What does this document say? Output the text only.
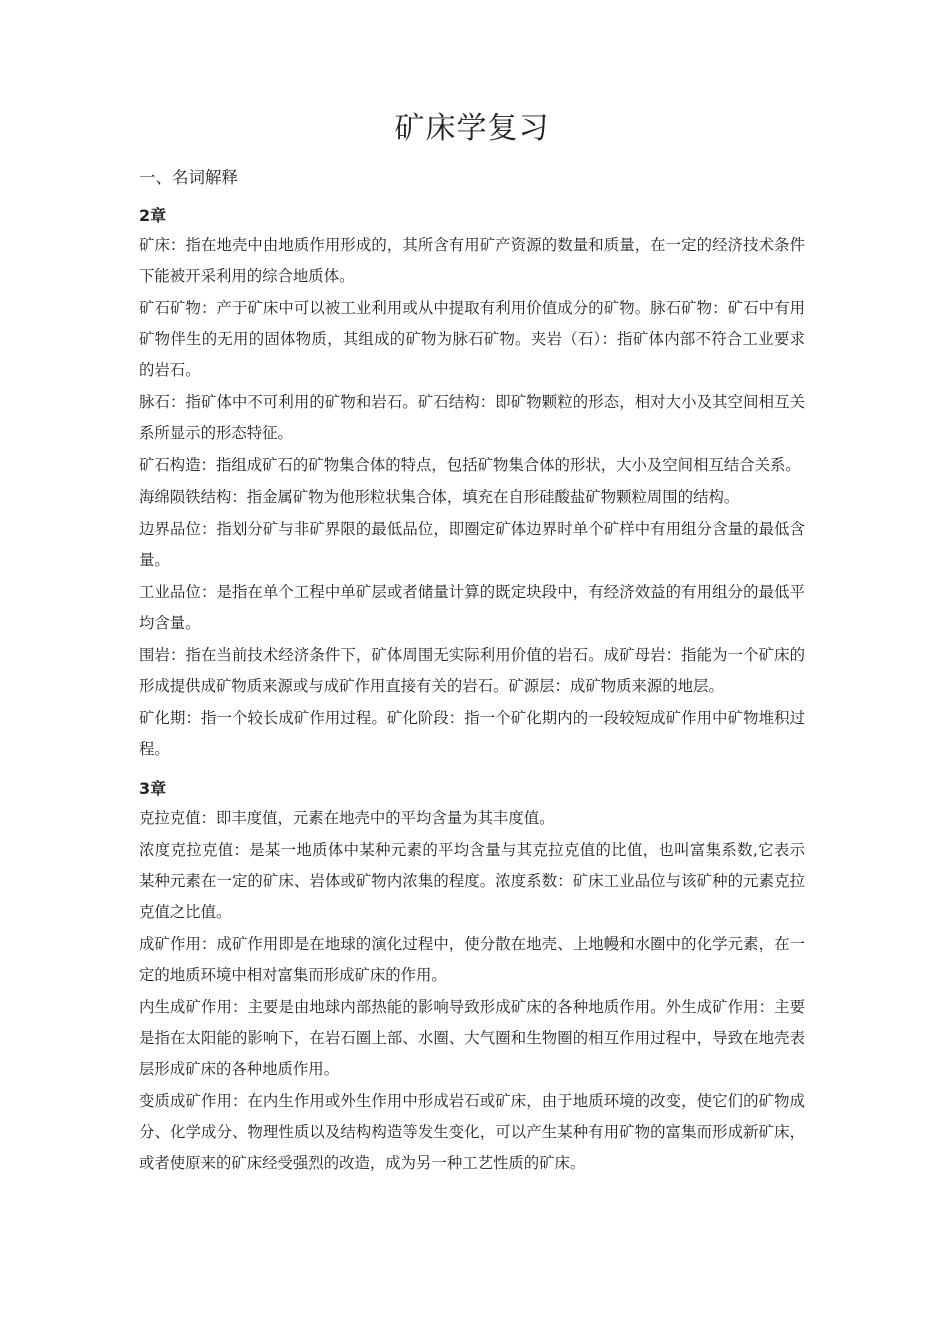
矿床学复习
一、名词解释
2章

矿床：指在地壳中由地质作用形成的，其所含有用矿产资源的数量和质量，在一定的经济技术条件下能被开采利用的综合地质体。

矿石矿物：产于矿床中可以被工业利用或从中提取有利用价值成分的矿物。脉石矿物：矿石中有用矿物伴生的无用的固体物质，其组成的矿物为脉石矿物。夹岩（石）：指矿体内部不符合工业要求的岩石。

脉石：指矿体中不可利用的矿物和岩石。矿石结构：即矿物颗粒的形态，相对大小及其空间相互关系所显示的形态特征。

矿石构造：指组成矿石的矿物集合体的特点，包括矿物集合体的形状，大小及空间相互结合关系。

海绵陨铁结构：指金属矿物为他形粒状集合体，填充在自形硅酸盐矿物颗粒周围的结构。

边界品位：指划分矿与非矿界限的最低品位，即圈定矿体边界时单个矿样中有用组分含量的最低含量。

工业品位：是指在单个工程中单矿层或者储量计算的既定块段中，有经济效益的有用组分的最低平均含量。

围岩：指在当前技术经济条件下，矿体周围无实际利用价值的岩石。成矿母岩：指能为一个矿床的形成提供成矿物质来源或与成矿作用直接有关的岩石。矿源层：成矿物质来源的地层。

矿化期：指一个较长成矿作用过程。矿化阶段：指一个矿化期内的一段较短成矿作用中矿物堆积过程。

3章

克拉克值：即丰度值，元素在地壳中的平均含量为其丰度值。

浓度克拉克值：是某一地质体中某种元素的平均含量与其克拉克值的比值，也叫富集系数,它表示某种元素在一定的矿床、岩体或矿物内浓集的程度。浓度系数：矿床工业品位与该矿种的元素克拉克值之比值。

成矿作用：成矿作用即是在地球的演化过程中，使分散在地壳、上地幔和水圈中的化学元素，在一定的地质环境中相对富集而形成矿床的作用。

内生成矿作用：主要是由地球内部热能的影响导致形成矿床的各种地质作用。外生成矿作用：主要是指在太阳能的影响下，在岩石圈上部、水圈、大气圈和生物圈的相互作用过程中，导致在地壳表层形成矿床的各种地质作用。

变质成矿作用：在内生作用或外生作用中形成岩石或矿床，由于地质环境的改变，使它们的矿物成分、化学成分、物理性质以及结构构造等发生变化，可以产生某种有用矿物的富集而形成新矿床，或者使原来的矿床经受强烈的改造，成为另一种工艺性质的矿床。
